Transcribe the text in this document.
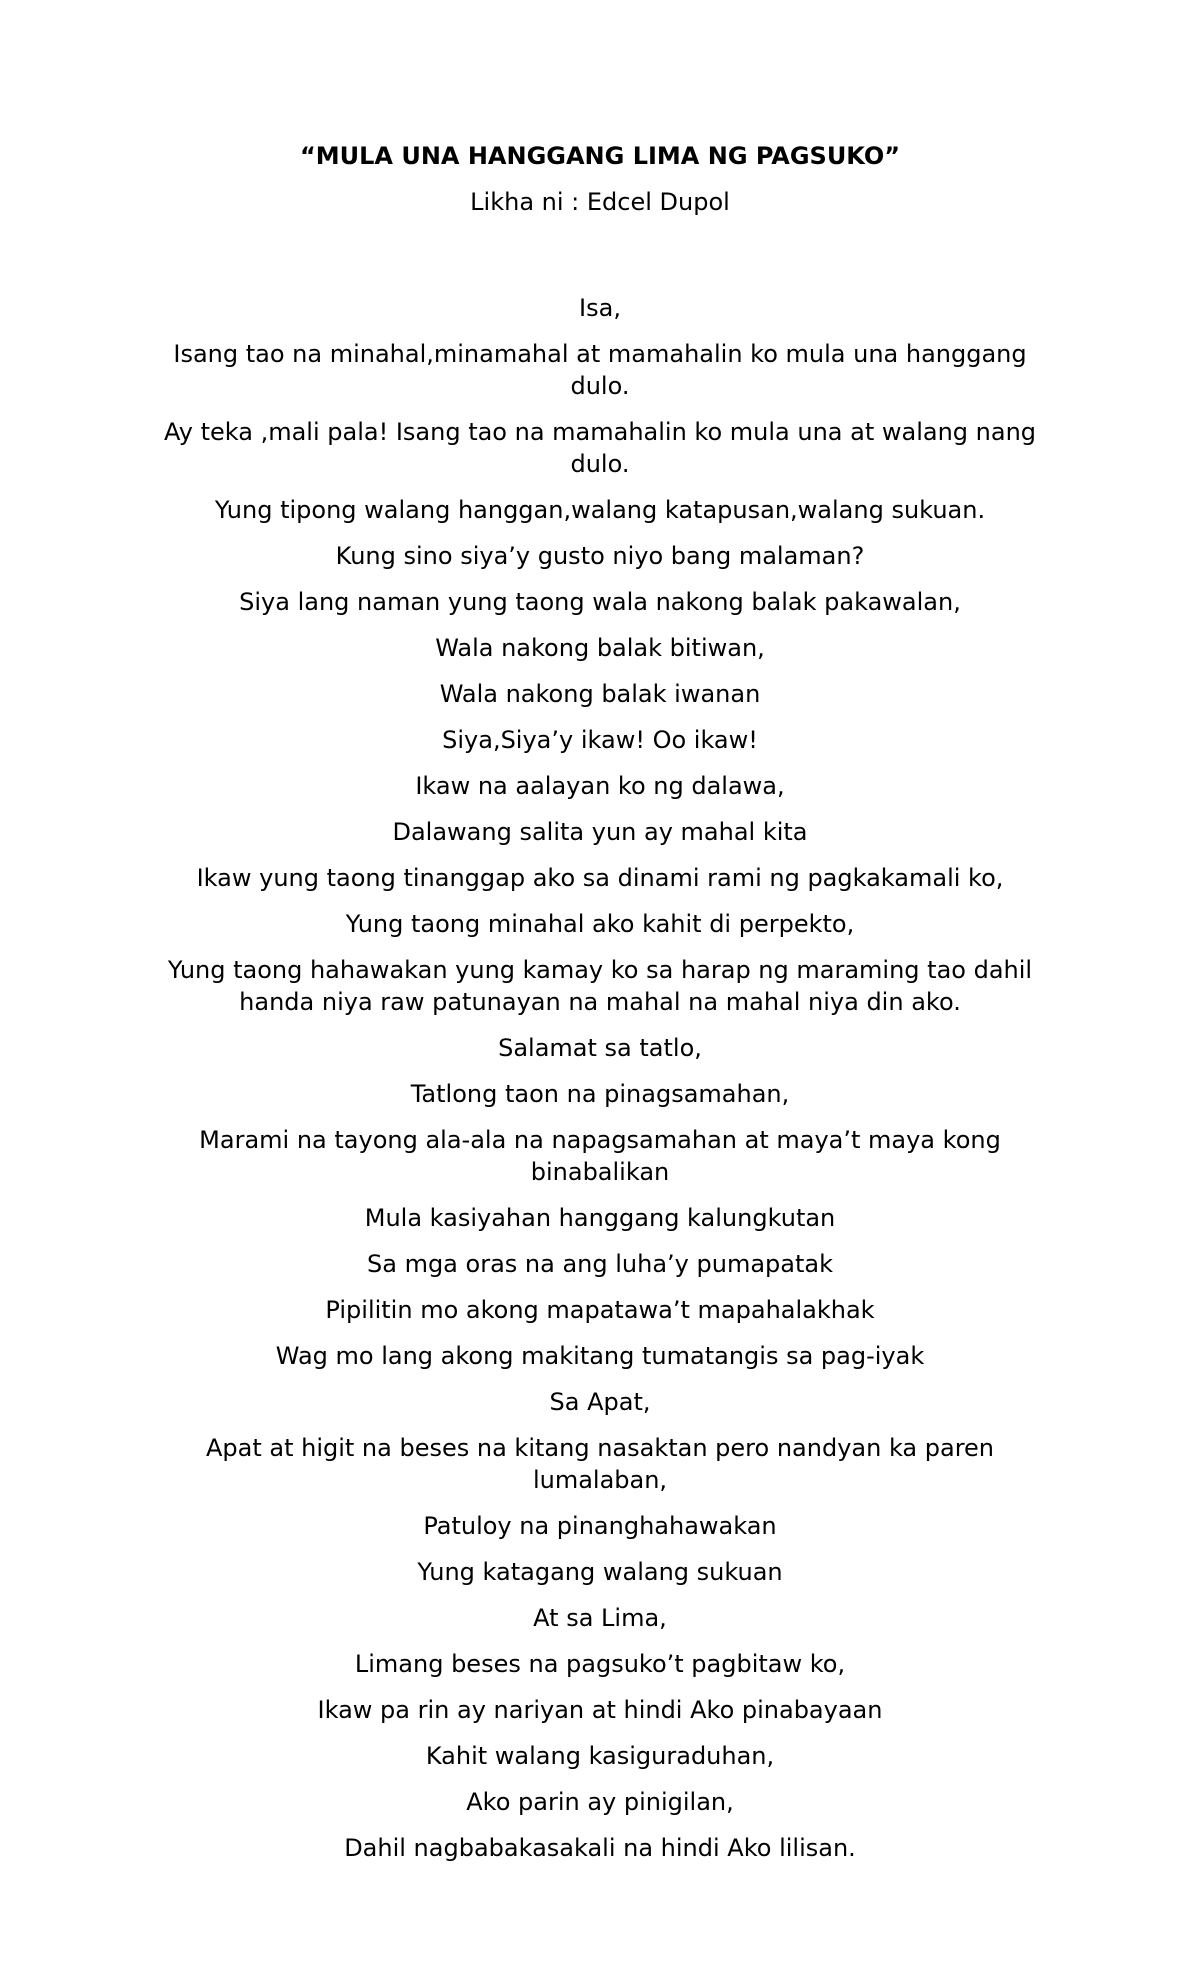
“MULA UNA HANGGANG LIMA NG PAGSUKO”

Likha ni : Edcel Dupol

Isa,

Isang tao na minahal,minamahal at mamahalin ko mula una hanggang dulo.

Ay teka ,mali pala! Isang tao na mamahalin ko mula una at walang nang dulo.

Yung tipong walang hanggan,walang katapusan,walang sukuan.

Kung sino siya’y gusto niyo bang malaman?

Siya lang naman yung taong wala nakong balak pakawalan,

Wala nakong balak bitiwan,

Wala nakong balak iwanan

Siya,Siya’y ikaw! Oo ikaw!

Ikaw na aalayan ko ng dalawa,

Dalawang salita yun ay mahal kita

Ikaw yung taong tinanggap ako sa dinami rami ng pagkakamali ko,

Yung taong minahal ako kahit di perpekto,

Yung taong hahawakan yung kamay ko sa harap ng maraming tao dahil handa niya raw patunayan na mahal na mahal niya din ako.

Salamat sa tatlo,

Tatlong taon na pinagsamahan,

Marami na tayong ala-ala na napagsamahan at maya’t maya kong binabalikan

Mula kasiyahan hanggang kalungkutan

Sa mga oras na ang luha’y pumapatak

Pipilitin mo akong mapatawa’t mapahalakhak

Wag mo lang akong makitang tumatangis sa pag-iyak

Sa Apat,

Apat at higit na beses na kitang nasaktan pero nandyan ka paren lumalaban,

Patuloy na pinanghahawakan

Yung katagang walang sukuan

At sa Lima,

Limang beses na pagsuko’t pagbitaw ko,

Ikaw pa rin ay nariyan at hindi Ako pinabayaan

Kahit walang kasiguraduhan,

Ako parin ay pinigilan,

Dahil nagbabakasakali na hindi Ako lilisan.
